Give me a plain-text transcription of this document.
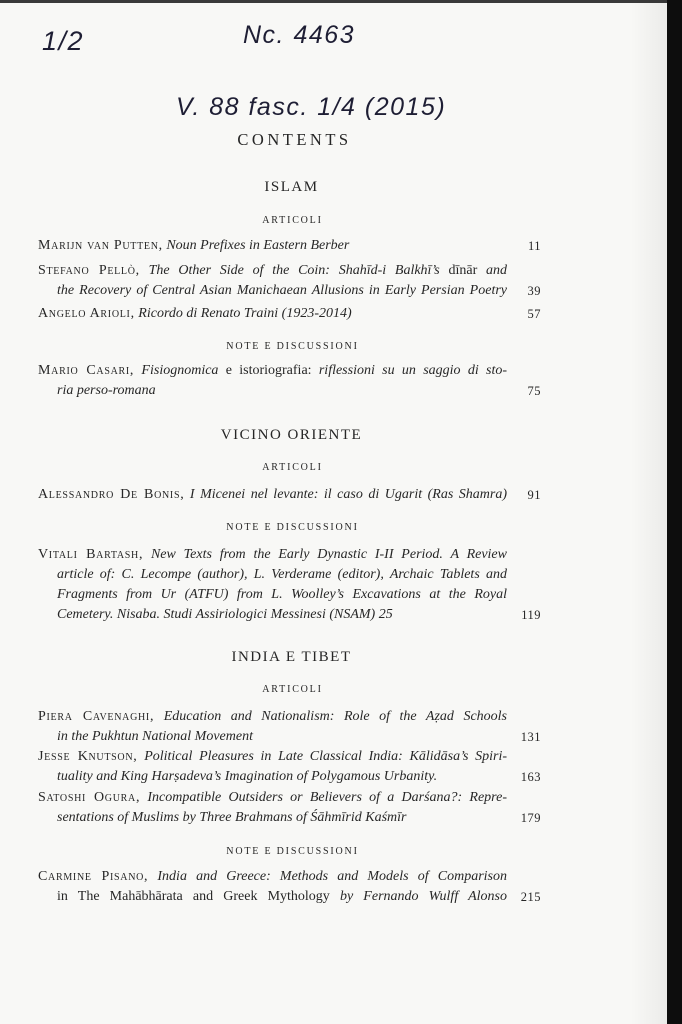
1/2	Nc. 4463
V. 88 fasc. 1/4 (2015)
CONTENTS
ISLAM
ARTICOLI
Marijn van Putten, Noun Prefixes in Eastern Berber	11
Stefano Pellò, The Other Side of the Coin: Shahīd-i Balkhī’s dīnār and
the Recovery of Central Asian Manichaean Allusions in Early Persian Poetry	39
Angelo Arioli, Ricordo di Renato Traini (1923-2014)	57
NOTE E DISCUSSIONI
Mario Casari, Fisiognomica e istoriografia: riflessioni su un saggio di sto-
ria perso-romana	75
VICINO ORIENTE
ARTICOLI
Alessandro De Bonis, I Micenei nel levante: il caso di Ugarit (Ras Shamra)	91
NOTE E DISCUSSIONI
Vitali Bartash, New Texts from the Early Dynastic I-II Period. A Review
article of: C. Lecompe (author), L. Verderame (editor), Archaic Tablets and
Fragments from Ur (ATFU) from L. Woolley’s Excavations at the Royal
Cemetery. Nisaba. Studi Assiriologici Messinesi (NSAM) 25	119
INDIA E TIBET
ARTICOLI
Piera Cavenaghi, Education and Nationalism: Role of the Aẓad Schools
in the Pukhtun National Movement	131
Jesse Knutson, Political Pleasures in Late Classical India: Kālidāsa’s Spiri-
tuality and King Harṣadeva’s Imagination of Polygamous Urbanity.	163
Satoshi Ogura, Incompatible Outsiders or Believers of a Darśana?: Repre-
sentations of Muslims by Three Brahmans of Śāhmīrid Kaśmīr	179
NOTE E DISCUSSIONI
Carmine Pisano, India and Greece: Methods and Models of Comparison
in The Mahābhārata and Greek Mythology by Fernando Wulff Alonso	215
